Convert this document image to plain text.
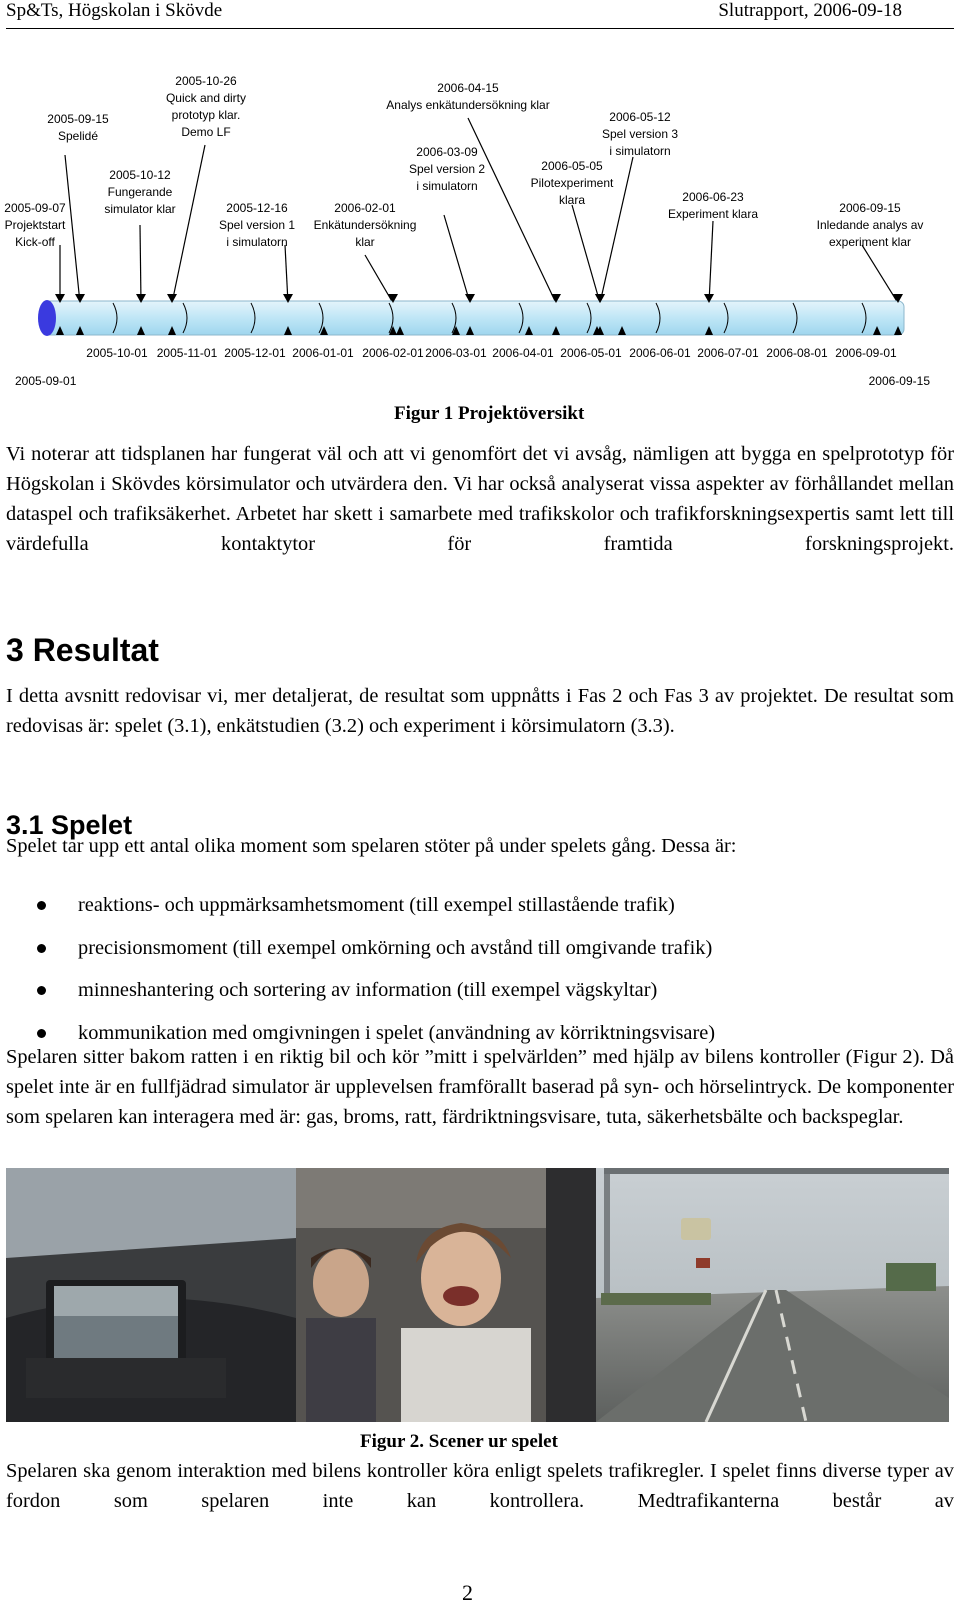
Sp&Ts, Högskolan i Skövde	Slutrapport, 2006-09-18
2005-10-01 2005-11-01 2005-12-01 2006-01-01 2006-02-01 2006-03-01 2006-04-01 2006-05-01 2006-06-01 2006-07-01 2006-08-01 2006-09-01
2005-09-01	2006-09-15
2005-09-07 Projektstart Kick-off
2005-09-15 Spelidé
2005-10-12 Fungerande simulator klar
2005-10-26 Quick and dirty prototyp klar. Demo LF
2005-12-16 Spel version 1 i simulatorn
2006-02-01 Enkätundersökning klar
2006-03-09 Spel version 2 i simulatorn
2006-04-15 Analys enkätundersökning klar
2006-05-05 Pilotexperiment klara
2006-05-12 Spel version 3 i simulatorn
2006-06-23 Experiment klara	2006-09-15 Inledande analys av experiment klar

Figur 1 Projektöversikt

Vi noterar att tidsplanen har fungerat väl och att vi genomfört det vi avsåg, nämligen att bygga en spelprototyp för Högskolan i Skövdes körsimulator och utvärdera den. Vi har också analyserat vissa aspekter av förhållandet mellan dataspel och trafiksäkerhet. Arbetet har skett i samarbete med trafikskolor och trafikforskningsexpertis samt lett till värdefulla kontaktytor för framtida forskningsprojekt.

3 Resultat

I detta avsnitt redovisar vi, mer detaljerat, de resultat som uppnåtts i Fas 2 och Fas 3 av projektet. De resultat som redovisas är: spelet (3.1), enkätstudien (3.2) och experiment i körsimulatorn (3.3).

3.1 Spelet

Spelet tar upp ett antal olika moment som spelaren stöter på under spelets gång. Dessa är:

reaktions- och uppmärksamhetsmoment (till exempel stillastående trafik)
precisionsmoment (till exempel omkörning och avstånd till omgivande trafik)
minneshantering och sortering av information (till exempel vägskyltar)
kommunikation med omgivningen i spelet (användning av körriktningsvisare)

Spelaren sitter bakom ratten i en riktig bil och kör ”mitt i spelvärlden” med hjälp av bilens kontroller (Figur 2). Då spelet inte är en fullfjädrad simulator är upplevelsen framförallt baserad på syn- och hörselintryck. De komponenter som spelaren kan interagera med är: gas, broms, ratt, färdriktningsvisare, tuta, säkerhetsbälte och backspeglar.

Figur 2. Scener ur spelet

Spelaren ska genom interaktion med bilens kontroller köra enligt spelets trafikregler. I spelet finns diverse typer av fordon som spelaren inte kan kontrollera. Medtrafikanterna består av

2
